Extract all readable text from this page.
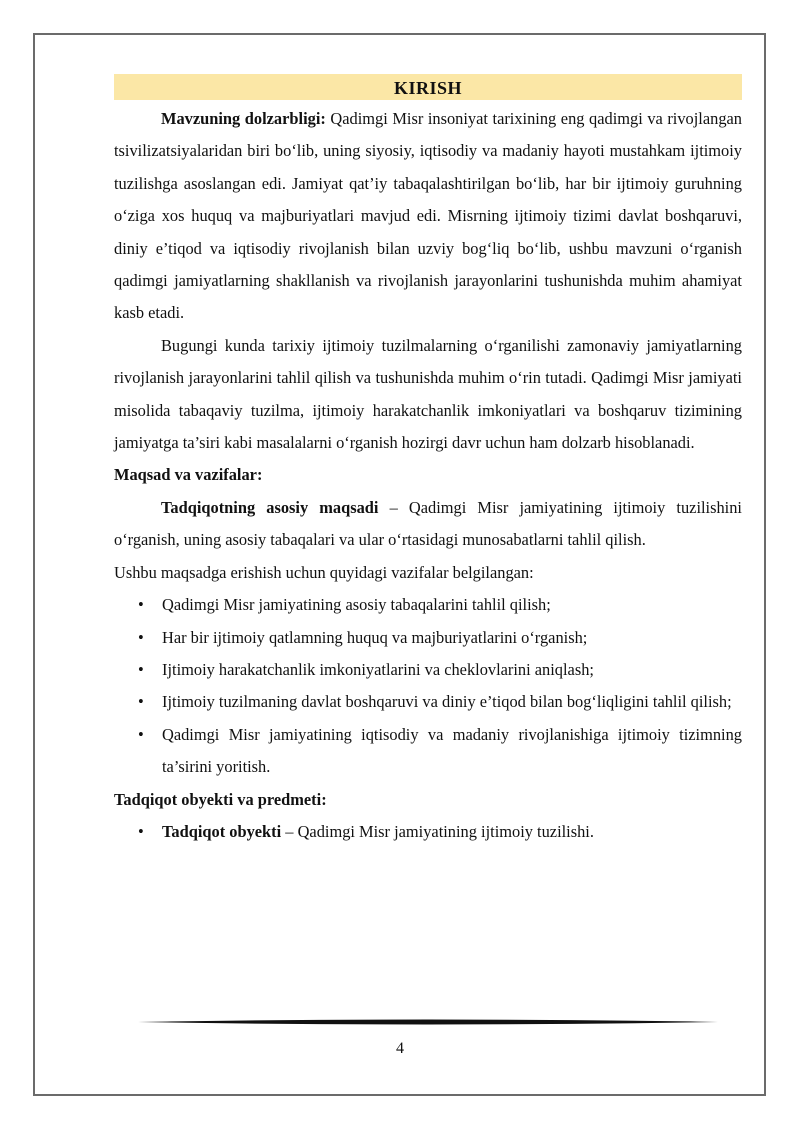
KIRISH

Mavzuning dolzarbligi: Qadimgi Misr insoniyat tarixining eng qadimgi va rivojlangan tsivilizatsiyalaridan biri bo‘lib, uning siyosiy, iqtisodiy va madaniy hayoti mustahkam ijtimoiy tuzilishga asoslangan edi. Jamiyat qat’iy tabaqalashtirilgan bo‘lib, har bir ijtimoiy guruhning o‘ziga xos huquq va majburiyatlari mavjud edi. Misrning ijtimoiy tizimi davlat boshqaruvi, diniy e’tiqod va iqtisodiy rivojlanish bilan uzviy bog‘liq bo‘lib, ushbu mavzuni o‘rganish qadimgi jamiyatlarning shakllanish va rivojlanish jarayonlarini tushunishda muhim ahamiyat kasb etadi.

Bugungi kunda tarixiy ijtimoiy tuzilmalarning o‘rganilishi zamonaviy jamiyatlarning rivojlanish jarayonlarini tahlil qilish va tushunishda muhim o‘rin tutadi. Qadimgi Misr jamiyati misolida tabaqaviy tuzilma, ijtimoiy harakatchanlik imkoniyatlari va boshqaruv tizimining jamiyatga ta’siri kabi masalalarni o‘rganish hozirgi davr uchun ham dolzarb hisoblanadi.

Maqsad va vazifalar:

Tadqiqotning asosiy maqsadi – Qadimgi Misr jamiyatining ijtimoiy tuzilishini o‘rganish, uning asosiy tabaqalari va ular o‘rtasidagi munosabatlarni tahlil qilish.

Ushbu maqsadga erishish uchun quyidagi vazifalar belgilangan:

• Qadimgi Misr jamiyatining asosiy tabaqalarini tahlil qilish;
• Har bir ijtimoiy qatlamning huquq va majburiyatlarini o‘rganish;
• Ijtimoiy harakatchanlik imkoniyatlarini va cheklovlarini aniqlash;
• Ijtimoiy tuzilmaning davlat boshqaruvi va diniy e’tiqod bilan bog‘liqligini tahlil qilish;
• Qadimgi Misr jamiyatining iqtisodiy va madaniy rivojlanishiga ijtimoiy tizimning ta’sirini yoritish.

Tadqiqot obyekti va predmeti:

• Tadqiqot obyekti – Qadimgi Misr jamiyatining ijtimoiy tuzilishi.
4
